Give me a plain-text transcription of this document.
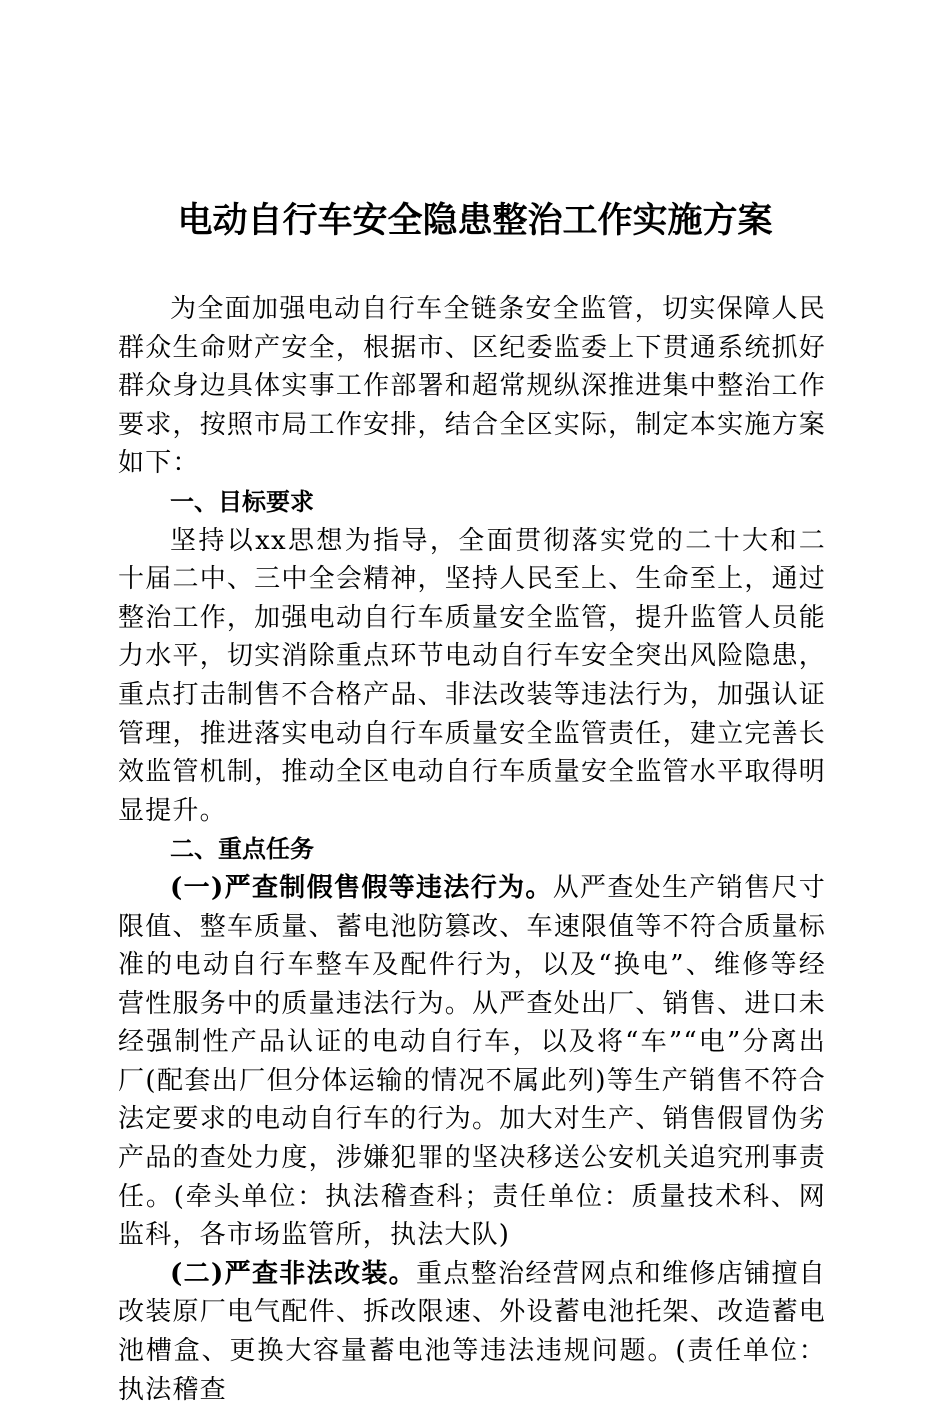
电动自行车安全隐患整治工作实施方案

为全面加强电动自行车全链条安全监管，切实保障人民群众生命财产安全，根据市、区纪委监委上下贯通系统抓好群众身边具体实事工作部署和超常规纵深推进集中整治工作要求，按照市局工作安排，结合全区实际，制定本实施方案如下：

一、目标要求

坚持以xx思想为指导，全面贯彻落实党的二十大和二十届二中、三中全会精神，坚持人民至上、生命至上，通过整治工作，加强电动自行车质量安全监管，提升监管人员能力水平，切实消除重点环节电动自行车安全突出风险隐患，重点打击制售不合格产品、非法改装等违法行为，加强认证管理，推进落实电动自行车质量安全监管责任，建立完善长效监管机制，推动全区电动自行车质量安全监管水平取得明显提升。

二、重点任务

(一)严查制假售假等违法行为。从严查处生产销售尺寸限值、整车质量、蓄电池防篡改、车速限值等不符合质量标准的电动自行车整车及配件行为，以及“换电”、维修等经营性服务中的质量违法行为。从严查处出厂、销售、进口未经强制性产品认证的电动自行车，以及将“车”“电”分离出厂(配套出厂但分体运输的情况不属此列)等生产销售不符合法定要求的电动自行车的行为。加大对生产、销售假冒伪劣产品的查处力度，涉嫌犯罪的坚决移送公安机关追究刑事责任。(牵头单位：执法稽查科；责任单位：质量技术科、网监科，各市场监管所，执法大队)

(二)严查非法改装。重点整治经营网点和维修店铺擅自改装原厂电气配件、拆改限速、外设蓄电池托架、改造蓄电池槽盒、更换大容量蓄电池等违法违规问题。(责任单位：执法稽查
